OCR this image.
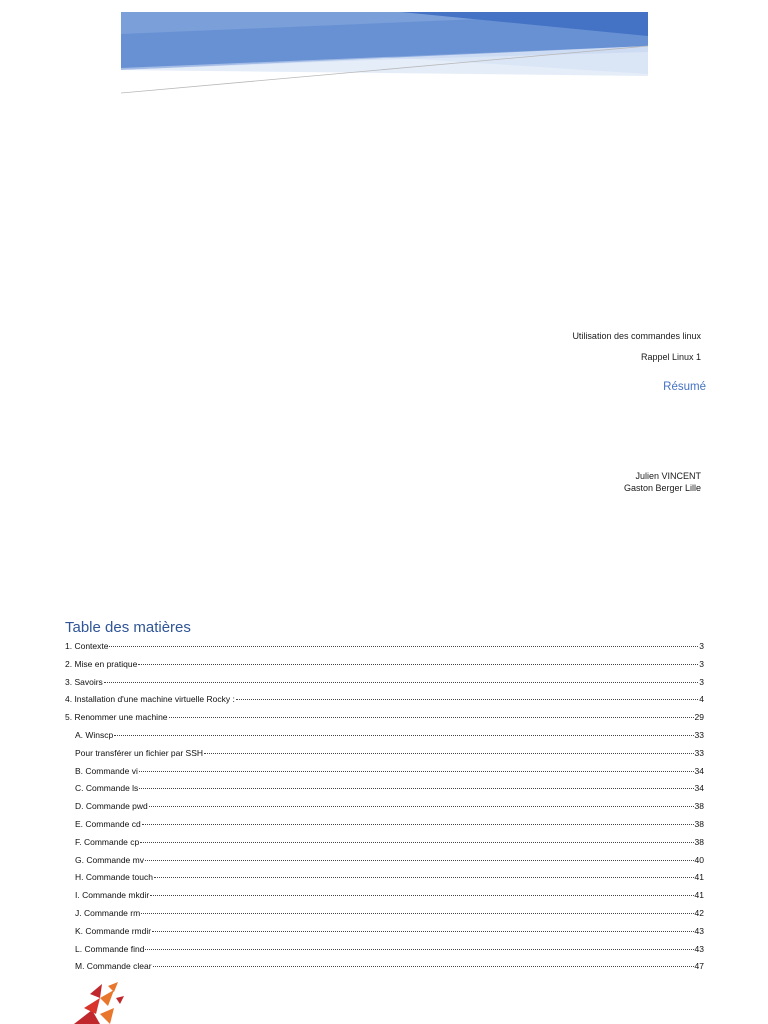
Utilisation des commandes linux
Rappel Linux 1
Résumé
Julien VINCENT
Gaston Berger Lille
Table des matières
1. Contexte	3
2. Mise en pratique	3
3. Savoirs	3
4. Installation d'une machine virtuelle Rocky :	4
5. Renommer une machine	29
A. Winscp	33
Pour transférer un fichier par SSH	33
B. Commande vi	34
C. Commande ls	34
D. Commande pwd	38
E. Commande cd	38
F. Commande cp	38
G. Commande mv	40
H. Commande touch	41
I. Commande mkdir	41
J. Commande rm	42
K. Commande rmdir	43
L. Commande find	43
M. Commande clear	47
